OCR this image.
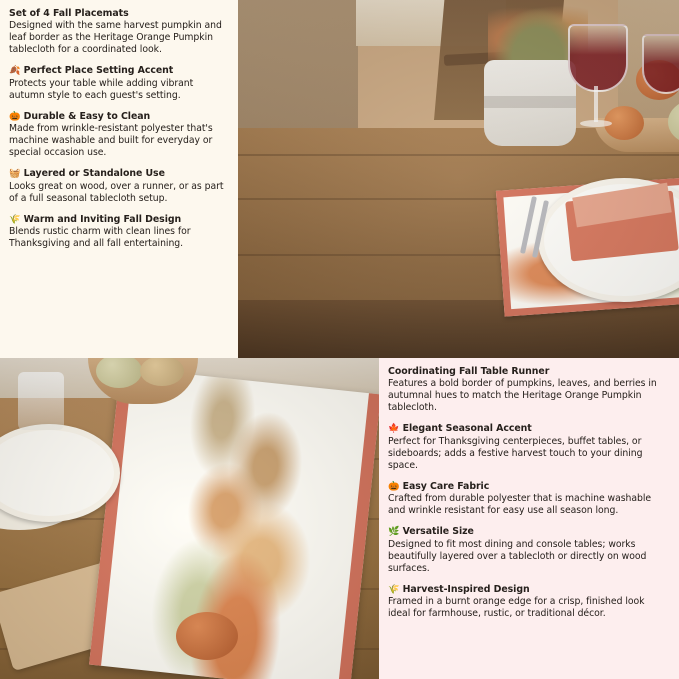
Set of 4 Fall Placemats
Designed with the same harvest pumpkin and leaf border as the Heritage Orange Pumpkin tablecloth for a coordinated look.
🍂 Perfect Place Setting Accent
Protects your table while adding vibrant autumn style to each guest's setting.
🎃 Durable & Easy to Clean
Made from wrinkle-resistant polyester that's machine washable and built for everyday or special occasion use.
🧺 Layered or Standalone Use
Looks great on wood, over a runner, or as part of a full seasonal tablecloth setup.
🌾 Warm and Inviting Fall Design
Blends rustic charm with clean lines for Thanksgiving and all fall entertaining.
Coordinating Fall Table Runner
Features a bold border of pumpkins, leaves, and berries in autumnal hues to match the Heritage Orange Pumpkin tablecloth.
🍁 Elegant Seasonal Accent
Perfect for Thanksgiving centerpieces, buffet tables, or sideboards; adds a festive harvest touch to your dining space.
🎃 Easy Care Fabric
Crafted from durable polyester that is machine washable and wrinkle resistant for easy use all season long.
🌿 Versatile Size
Designed to fit most dining and console tables; works beautifully layered over a tablecloth or directly on wood surfaces.
🌾 Harvest-Inspired Design
Framed in a burnt orange edge for a crisp, finished look ideal for farmhouse, rustic, or traditional décor.
